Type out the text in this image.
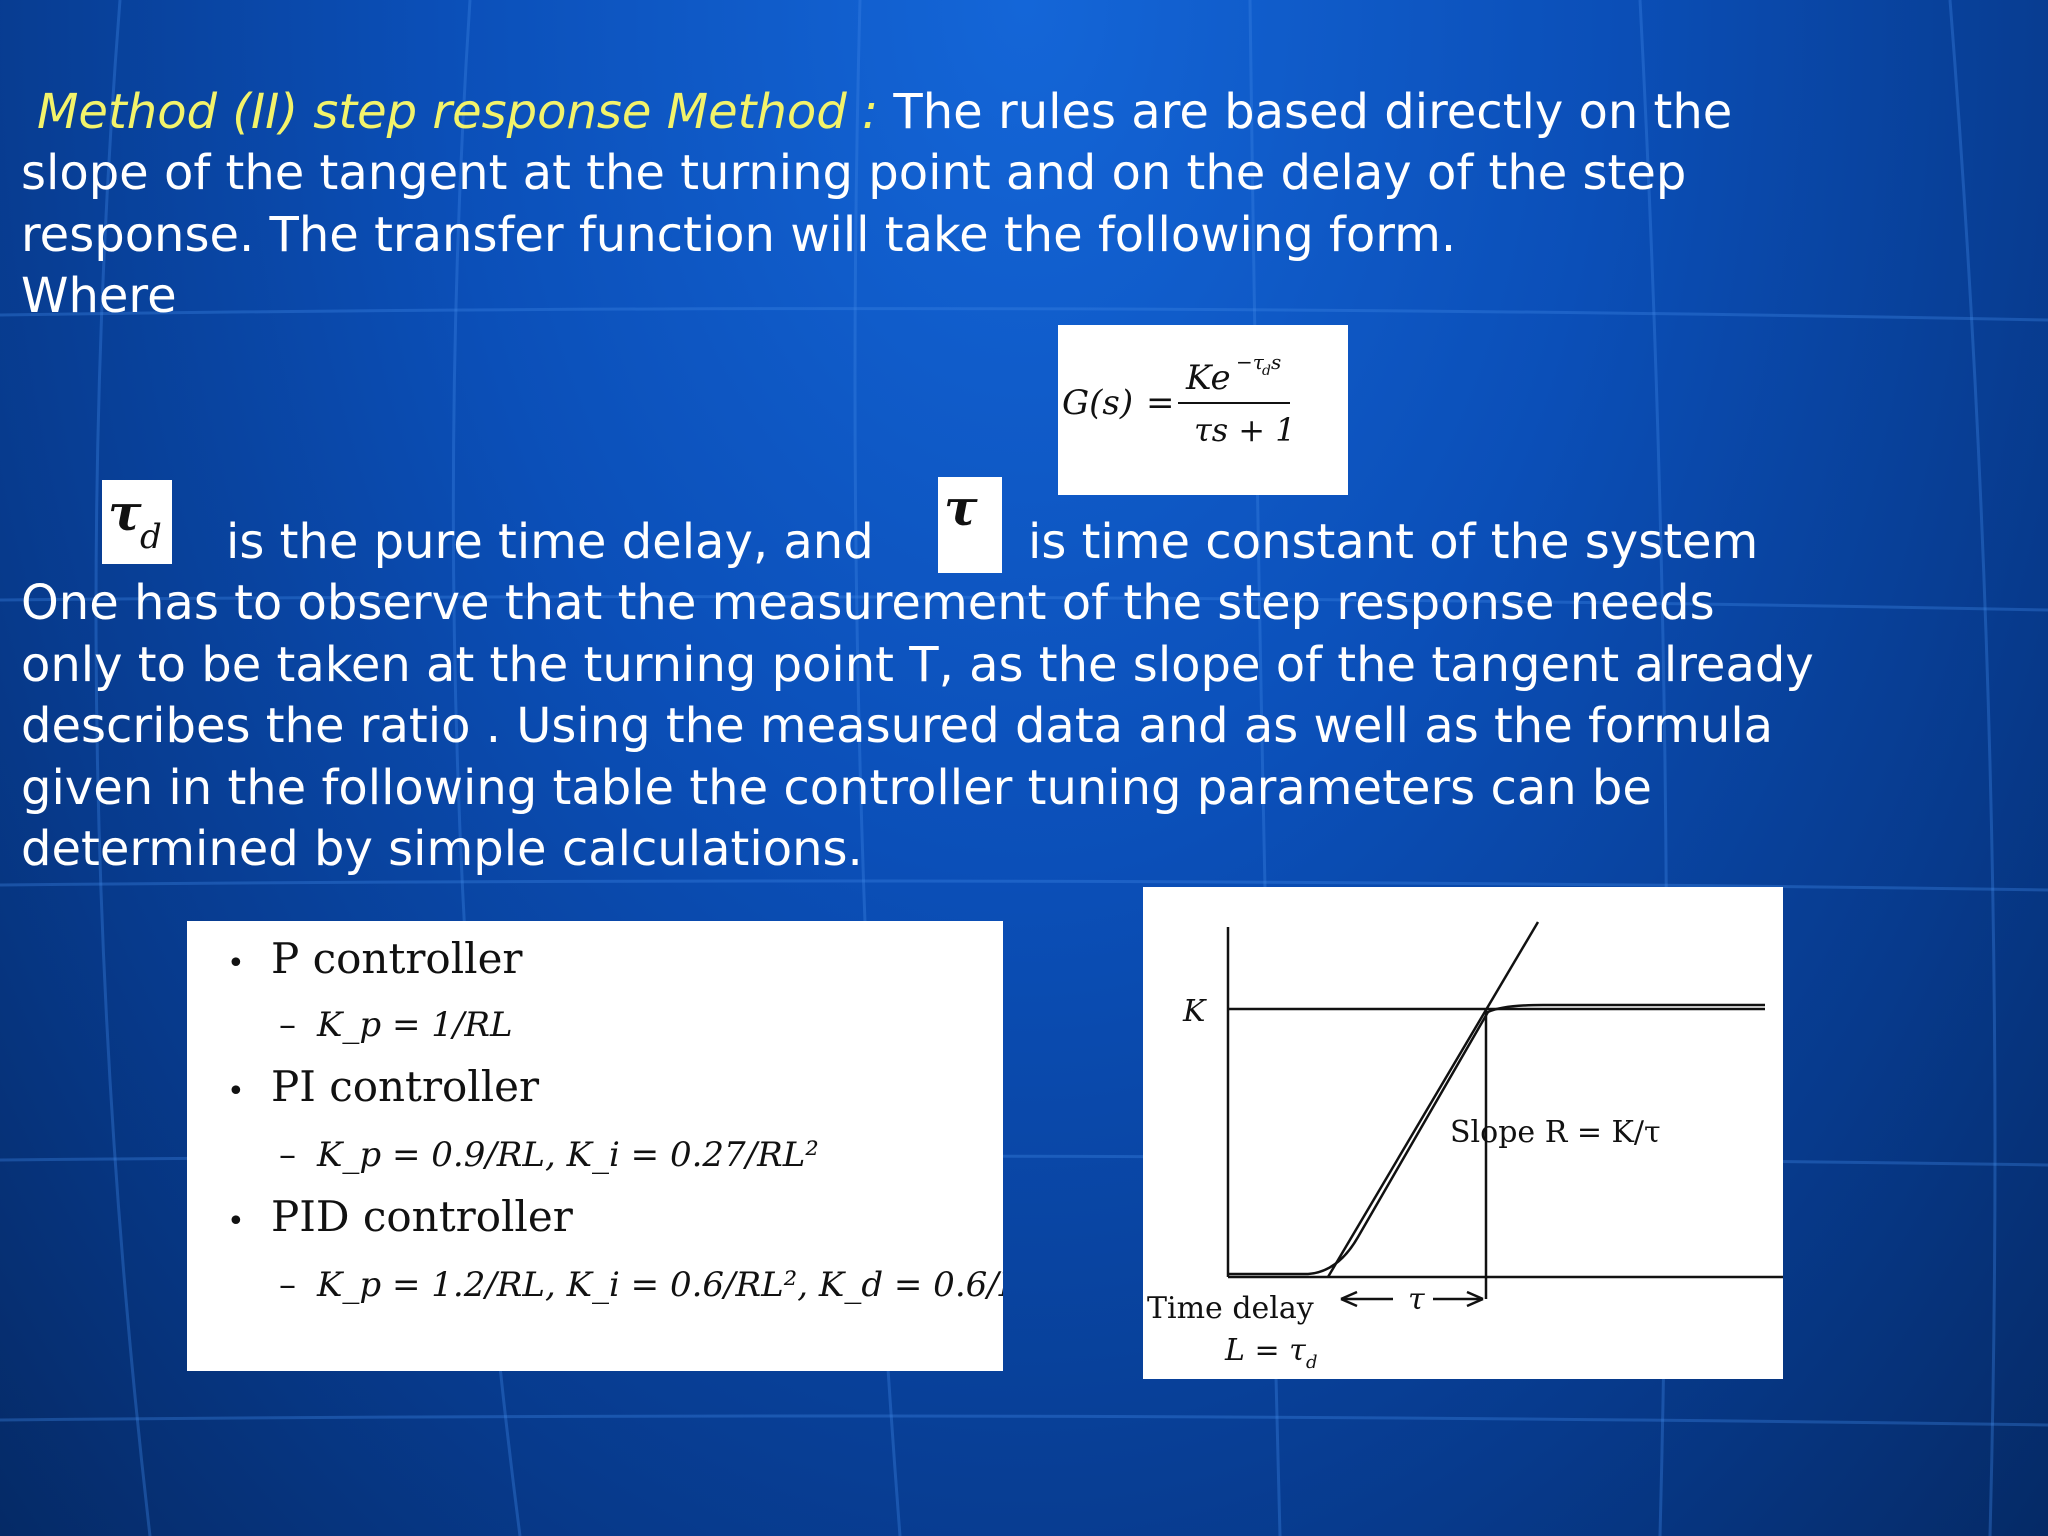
Method (II) step response Method : The rules are based directly on the
slope of the tangent at the turning point and on the delay of the step
response. The transfer function will take the following form.
Where
G(s) =
Ke −τ
d s
τs + 1
τ
d is the pure time delay, and
τ
is time constant of the system
One has to observe that the measurement of the step response needs
only to be taken at the turning point T, as the slope of the tangent already
describes the ratio . Using the measured data and as well as the formula
given in the following table the controller tuning parameters can be
determined by simple calculations.
• P controller
– K_p = 1/RL
• PI controller
– K_p = 0.9/RL, K_i = 0.27/RL²
• PID controller
– K_p = 1.2/RL, K_i = 0.6/RL², K_d = 0.6/R
K
Slope R = K/τ
τ
Time delay
L = τ d
